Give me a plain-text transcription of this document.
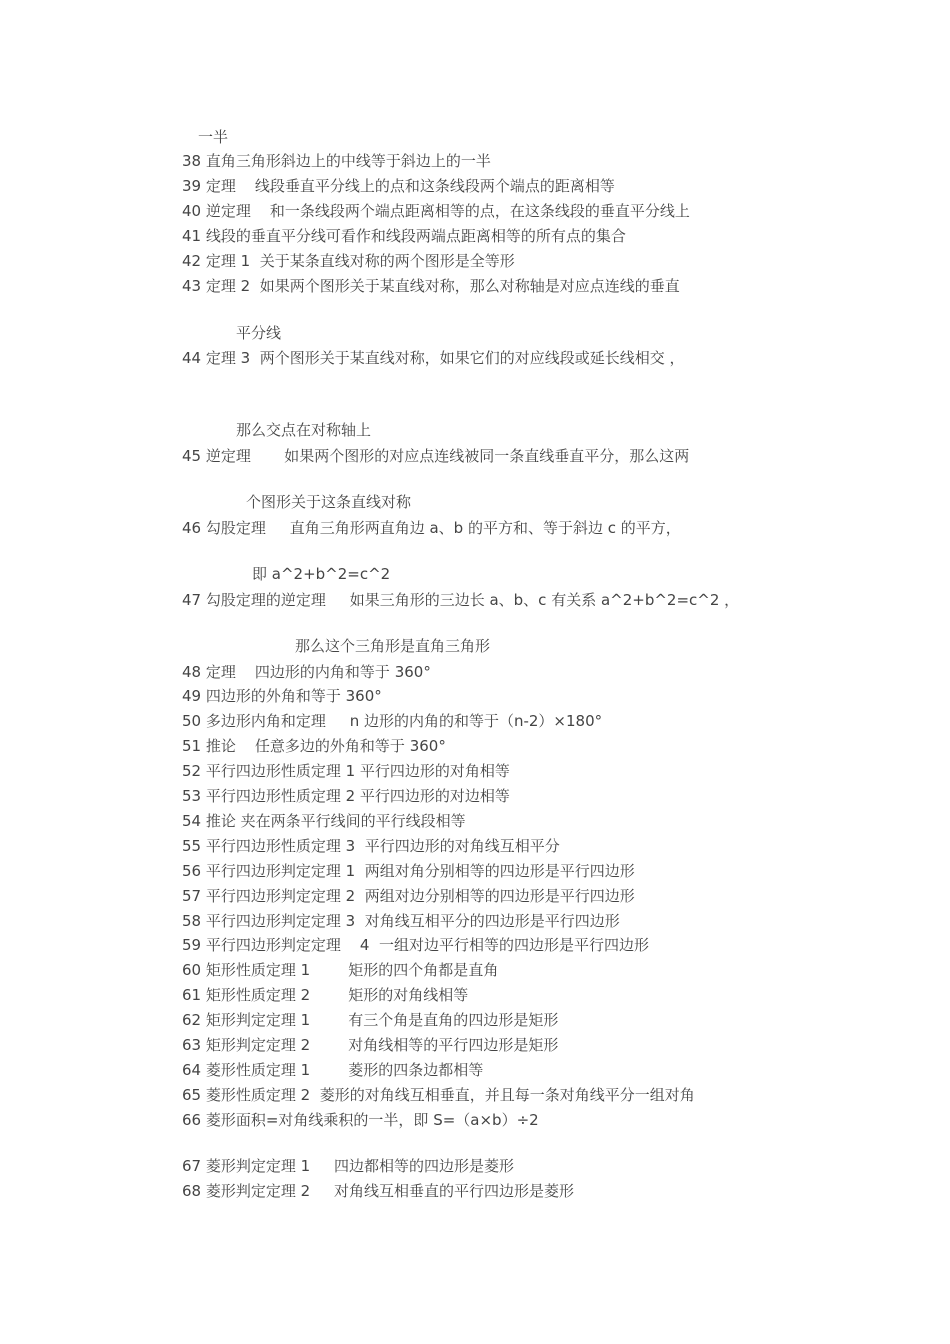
一半
38 直角三角形斜边上的中线等于斜边上的一半
39 定理    线段垂直平分线上的点和这条线段两个端点的距离相等
40 逆定理    和一条线段两个端点距离相等的点，在这条线段的垂直平分线上
41 线段的垂直平分线可看作和线段两端点距离相等的所有点的集合
42 定理 1  关于某条直线对称的两个图形是全等形
43 定理 2  如果两个图形关于某直线对称，那么对称轴是对应点连线的垂直
平分线
44 定理 3  两个图形关于某直线对称，如果它们的对应线段或延长线相交 ，
那么交点在对称轴上
45 逆定理       如果两个图形的对应点连线被同一条直线垂直平分，那么这两
个图形关于这条直线对称
46 勾股定理     直角三角形两直角边 a、b 的平方和、等于斜边 c 的平方，
即 a^2+b^2=c^2
47 勾股定理的逆定理     如果三角形的三边长 a、b、c 有关系 a^2+b^2=c^2 ，
那么这个三角形是直角三角形
48 定理    四边形的内角和等于 360°
49 四边形的外角和等于 360°
50 多边形内角和定理     n 边形的内角的和等于（n-2）×180°
51 推论    任意多边的外角和等于 360°
52 平行四边形性质定理 1 平行四边形的对角相等
53 平行四边形性质定理 2 平行四边形的对边相等
54 推论 夹在两条平行线间的平行线段相等
55 平行四边形性质定理 3  平行四边形的对角线互相平分
56 平行四边形判定定理 1  两组对角分别相等的四边形是平行四边形
57 平行四边形判定定理 2  两组对边分别相等的四边形是平行四边形
58 平行四边形判定定理 3  对角线互相平分的四边形是平行四边形
59 平行四边形判定定理    4  一组对边平行相等的四边形是平行四边形
60 矩形性质定理 1        矩形的四个角都是直角
61 矩形性质定理 2        矩形的对角线相等
62 矩形判定定理 1        有三个角是直角的四边形是矩形
63 矩形判定定理 2        对角线相等的平行四边形是矩形
64 菱形性质定理 1        菱形的四条边都相等
65 菱形性质定理 2  菱形的对角线互相垂直，并且每一条对角线平分一组对角
66 菱形面积=对角线乘积的一半，即 S=（a×b）÷2
67 菱形判定定理 1     四边都相等的四边形是菱形
68 菱形判定定理 2     对角线互相垂直的平行四边形是菱形
